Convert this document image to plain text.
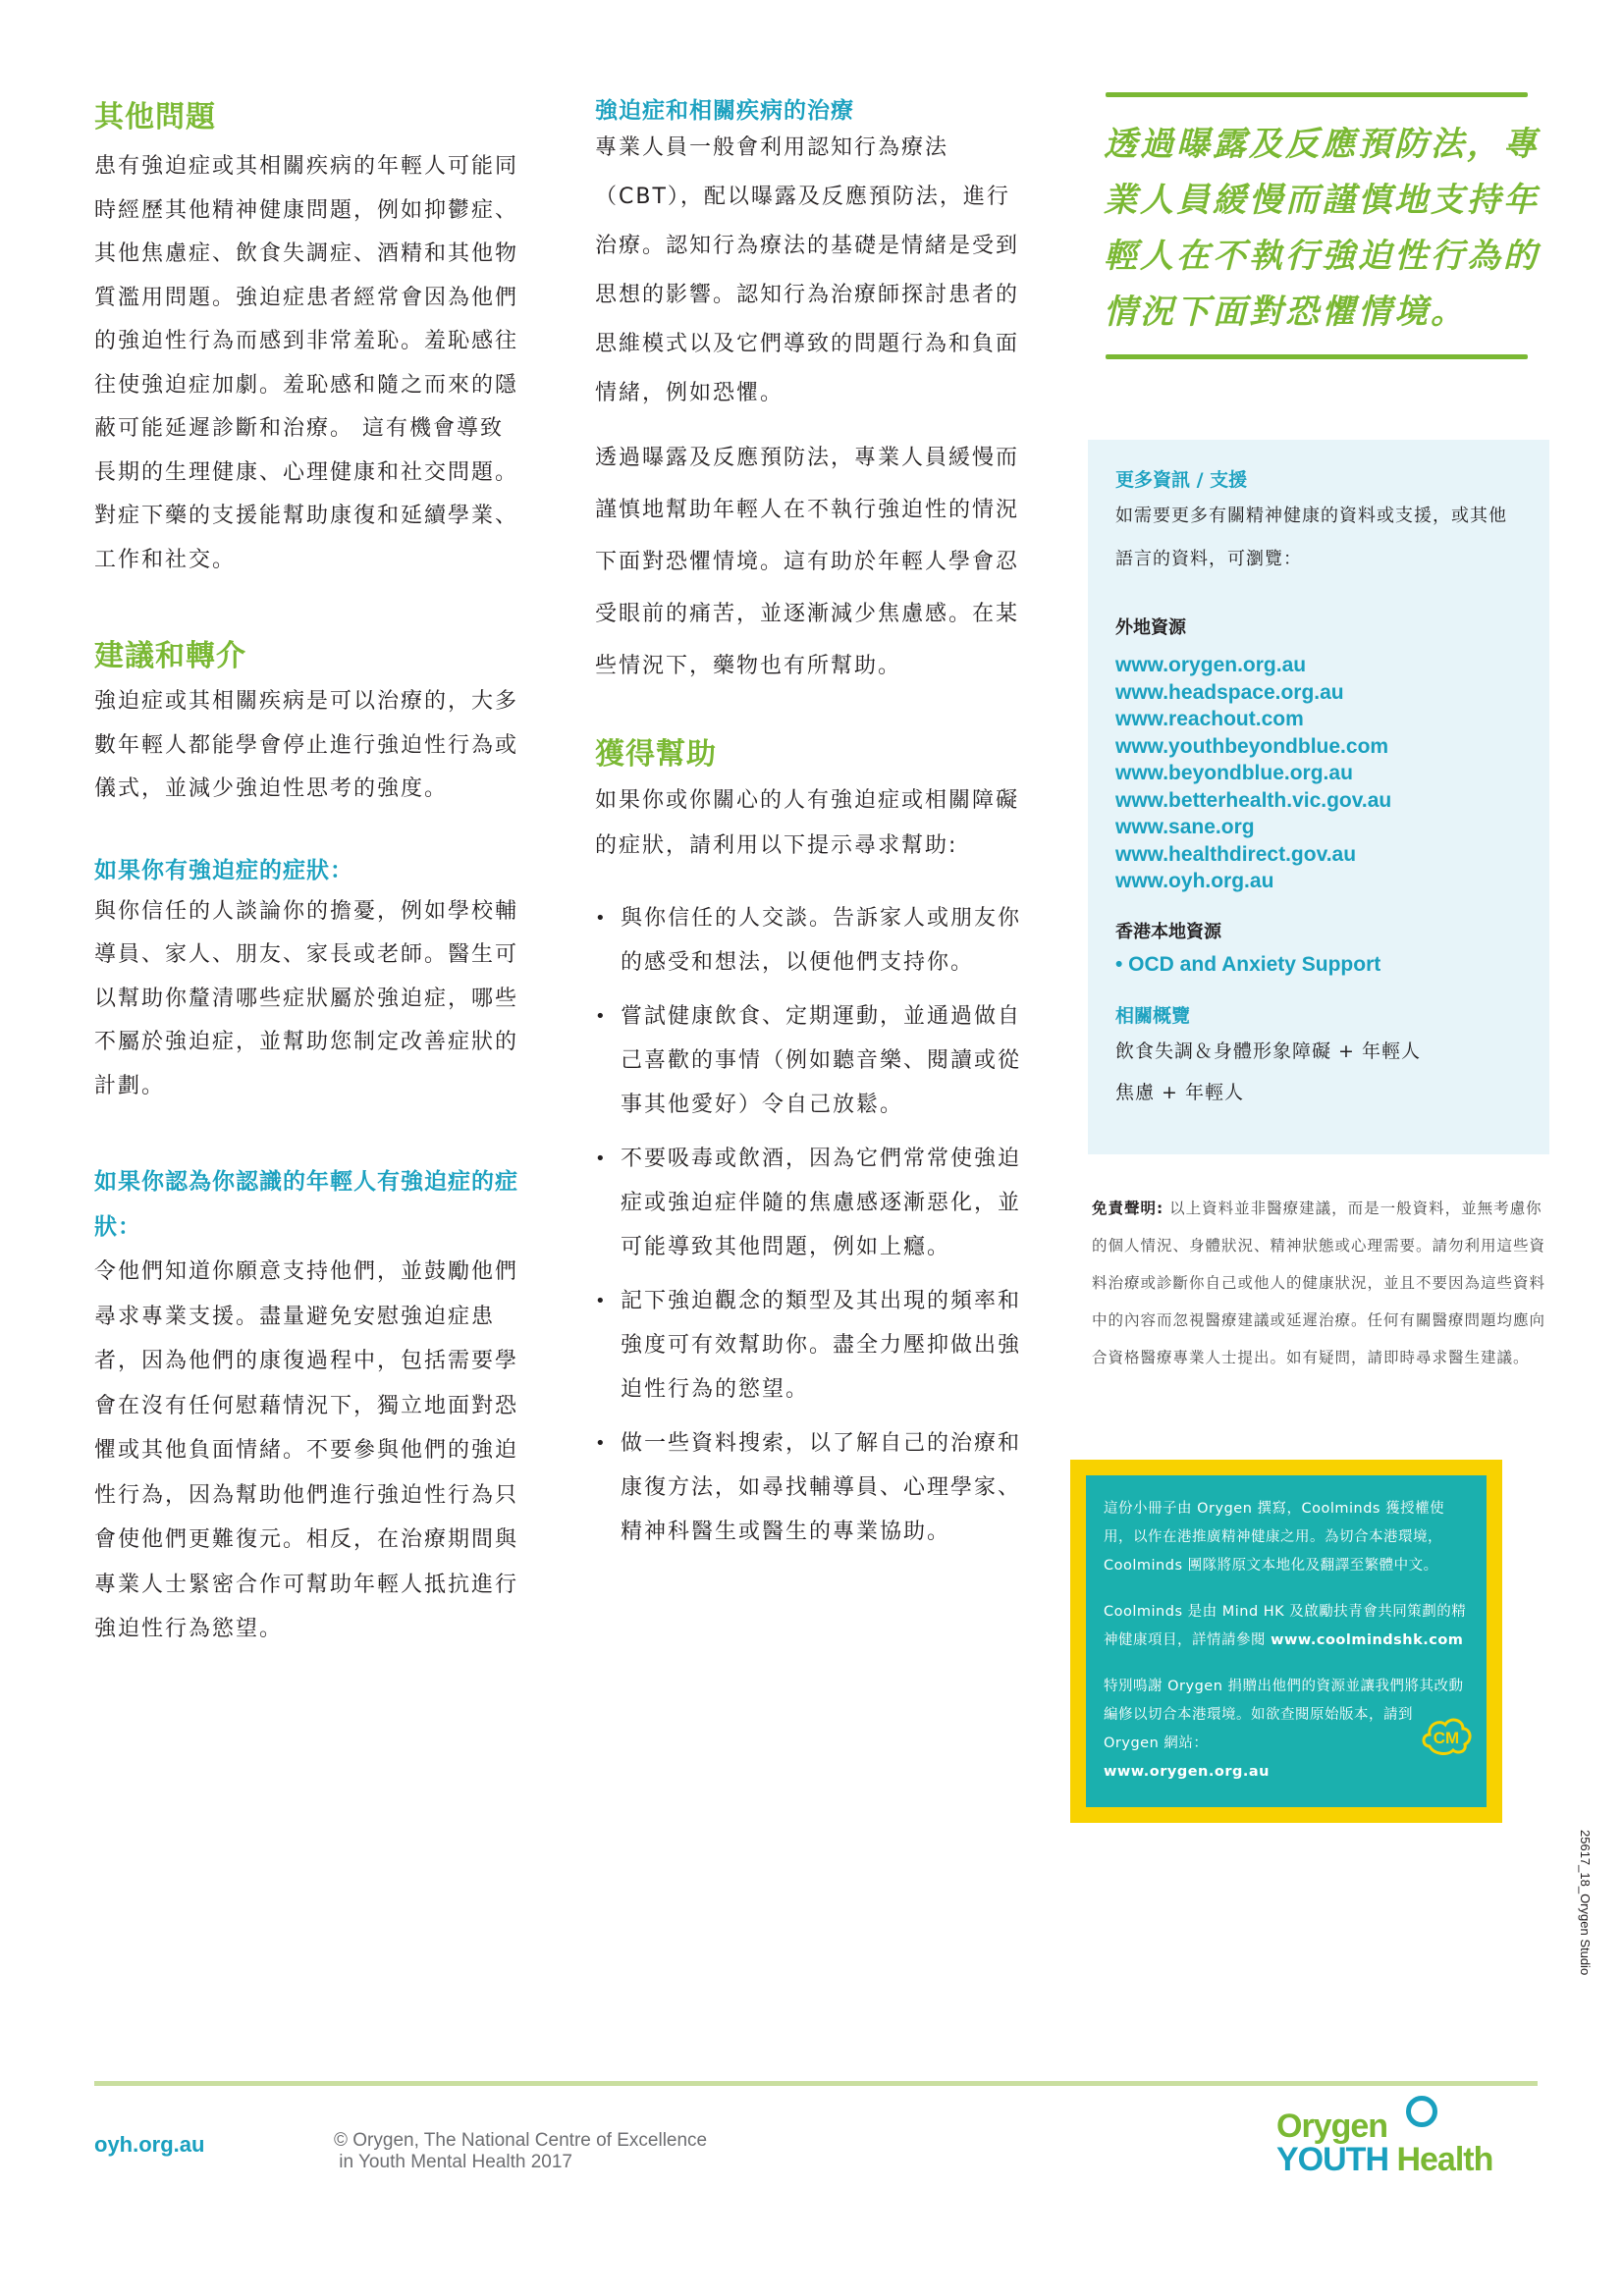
其他問題

患有強迫症或其相關疾病的年輕人可能同時經歷其他精神健康問題，例如抑鬱症、其他焦慮症、飲食失調症、酒精和其他物質濫用問題。強迫症患者經常會因為他們的強迫性行為而感到非常羞恥。羞恥感往往使強迫症加劇。羞恥感和隨之而來的隱蔽可能延遲診斷和治療。 這有機會導致長期的生理健康、心理健康和社交問題。對症下藥的支援能幫助康復和延續學業、工作和社交。

建議和轉介

強迫症或其相關疾病是可以治療的，大多數年輕人都能學會停止進行強迫性行為或儀式，並減少強迫性思考的強度。

如果你有強迫症的症狀：

與你信任的人談論你的擔憂，例如學校輔導員、家人、朋友、家長或老師。醫生可以幫助你釐清哪些症狀屬於強迫症，哪些不屬於強迫症，並幫助您制定改善症狀的計劃。

如果你認為你認識的年輕人有強迫症的症狀：

令他們知道你願意支持他們，並鼓勵他們尋求專業支援。盡量避免安慰強迫症患者，因為他們的康復過程中，包括需要學會在沒有任何慰藉情況下，獨立地面對恐懼或其他負面情緒。不要參與他們的強迫性行為，因為幫助他們進行強迫性行為只會使他們更難復元。相反，在治療期間與專業人士緊密合作可幫助年輕人抵抗進行強迫性行為慾望。

強迫症和相關疾病的治療

專業人員一般會利用認知行為療法（CBT），配以曝露及反應預防法，進行治療。認知行為療法的基礎是情緒是受到思想的影響。認知行為治療師探討患者的思維模式以及它們導致的問題行為和負面情緒，例如恐懼。

透過曝露及反應預防法，專業人員緩慢而謹慎地幫助年輕人在不執行強迫性的情況下面對恐懼情境。這有助於年輕人學會忍受眼前的痛苦，並逐漸減少焦慮感。在某些情況下，藥物也有所幫助。

獲得幫助

如果你或你關心的人有強迫症或相關障礙的症狀，請利用以下提示尋求幫助:

• 與你信任的人交談。告訴家人或朋友你的感受和想法，以便他們支持你。
• 嘗試健康飲食、定期運動，並通過做自己喜歡的事情（例如聽音樂、閱讀或從事其他愛好）令自己放鬆。
• 不要吸毒或飲酒，因為它們常常使強迫症或強迫症伴隨的焦慮感逐漸惡化，並可能導致其他問題，例如上癮。
• 記下強迫觀念的類型及其出現的頻率和強度可有效幫助你。盡全力壓抑做出強迫性行為的慾望。
• 做一些資料搜索，以了解自己的治療和康復方法，如尋找輔導員、心理學家、精神科醫生或醫生的專業協助。

透過曝露及反應預防法，專業人員緩慢而謹慎地支持年輕人在不執行強迫性行為的情況下面對恐懼情境。

更多資訊 / 支援

如需要更多有關精神健康的資料或支援，或其他語言的資料，可瀏覽：

外地資源
www.orygen.org.au
www.headspace.org.au
www.reachout.com
www.youthbeyondblue.com
www.beyondblue.org.au
www.betterhealth.vic.gov.au
www.sane.org
www.healthdirect.gov.au
www.oyh.org.au
香港本地資源
• OCD and Anxiety Support
相關概覽
飲食失調＆身體形象障礙 + 年輕人
焦慮 + 年輕人

免責聲明: 以上資料並非醫療建議，而是一般資料，並無考慮你的個人情況、身體狀況、精神狀態或心理需要。請勿利用這些資料治療或診斷你自己或他人的健康狀況，並且不要因為這些資料中的內容而忽視醫療建議或延遲治療。任何有關醫療問題均應向合資格醫療專業人士提出。如有疑問，請即時尋求醫生建議。

這份小冊子由 Orygen 撰寫，Coolminds 獲授權使用，以作在港推廣精神健康之用。為切合本港環境，Coolminds 團隊將原文本地化及翻譯至繁體中文。

Coolminds 是由 Mind HK 及啟勵扶青會共同策劃的精神健康項目，詳情請參閱 www.coolmindshk.com

特別鳴謝 Orygen 捐贈出他們的資源並讓我們將其改動編修以切合本港環境。如欲查閱原始版本，請到 Orygen 網站：
www.orygen.org.au

CM
25617_18_Orygen Studio
oyh.org.au	© Orygen, The National Centre of Excellence
in Youth Mental Health 2017
Orygen
YOUTH Health
